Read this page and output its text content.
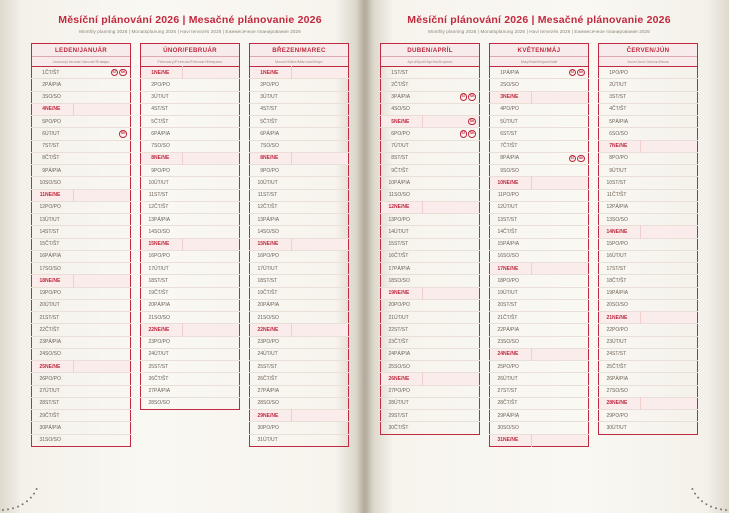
Měsíční plánování 2026 | Mesačné plánovanie 2026
Monthly planning 2026 | Monatsplanung 2026 | Havi tervezés 2026 | Ежемесячное планирование 2026
LEDEN/JANUÁR
January/Januar/Január/Январь
1	ČT/ŠT	ST SK

2	PÁ/PIA	
3	SO/SO	
4	NE/NE	
5	PO/PO	
6	ÚT/UT	SK

7	ST/ST	
8	ČT/ŠT	
9	PÁ/PIA	
10	SO/SO	
11	NE/NE	
12	PO/PO	
13	ÚT/UT	
14	ST/ST	
15	ČT/ŠT	
16	PÁ/PIA	
17	SO/SO	
18	NE/NE	
19	PO/PO	
20	ÚT/UT	
21	ST/ST	
22	ČT/ŠT	
23	PÁ/PIA	
24	SO/SO	
25	NE/NE	
26	PO/PO	
27	ÚT/UT	
28	ST/ST	
29	ČT/ŠT	
30	PÁ/PIA	
31	SO/SO	
ÚNOR/FEBRUÁR
February/Februar/Február/Февраль
1	NE/NE	
2	PO/PO	
3	ÚT/UT	
4	ST/ST	
5	ČT/ŠT	
6	PÁ/PIA	
7	SO/SO	
8	NE/NE	
9	PO/PO	
10	ÚT/UT	
11	ST/ST	
12	ČT/ŠT	
13	PÁ/PIA	
14	SO/SO	
15	NE/NE	
16	PO/PO	
17	ÚT/UT	
18	ST/ST	
19	ČT/ŠT	
20	PÁ/PIA	
21	SO/SO	
22	NE/NE	
23	PO/PO	
24	ÚT/UT	
25	ST/ST	
26	ČT/ŠT	
27	PÁ/PIA	
28	SO/SO	
BŘEZEN/MAREC
March/März/Március/Март
1	NE/NE	
2	PO/PO	
3	ÚT/UT	
4	ST/ST	
5	ČT/ŠT	
6	PÁ/PIA	
7	SO/SO	
8	NE/NE	
9	PO/PO	
10	ÚT/UT	
11	ST/ST	
12	ČT/ŠT	
13	PÁ/PIA	
14	SO/SO	
15	NE/NE	
16	PO/PO	
17	ÚT/UT	
18	ST/ST	
19	ČT/ŠT	
20	PÁ/PIA	
21	SO/SO	
22	NE/NE	
23	PO/PO	
24	ÚT/UT	
25	ST/ST	
26	ČT/ŠT	
27	PÁ/PIA	
28	SO/SO	
29	NE/NE	
30	PO/PO	
31	ÚT/UT	
Měsíční plánování 2026 | Mesačné plánovanie 2026
Monthly planning 2026 | Monatsplanung 2026 | Havi tervezés 2026 | Ежемесячное планирование 2026
DUBEN/APRÍL
April/April/Április/Апрель
1	ST/ST	
2	ČT/ŠT	
3	PÁ/PIA	ST SK

4	SO/SO	
5	NE/NE	SK

6	PO/PO	ST SK

7	ÚT/UT	
8	ST/ST	
9	ČT/ŠT	
10	PÁ/PIA	
11	SO/SO	
12	NE/NE	
13	PO/PO	
14	ÚT/UT	
15	ST/ST	
16	ČT/ŠT	
17	PÁ/PIA	
18	SO/SO	
19	NE/NE	
20	PO/PO	
21	ÚT/UT	
22	ST/ST	
23	ČT/ŠT	
24	PÁ/PIA	
25	SO/SO	
26	NE/NE	
27	PO/PO	
28	ÚT/UT	
29	ST/ST	
30	ČT/ŠT	
KVĚTEN/MÁJ
May/Mai/Május/Май
1	PÁ/PIA	ST SK

2	SO/SO	
3	NE/NE	
4	PO/PO	
5	ÚT/UT	
6	ST/ST	
7	ČT/ŠT	
8	PÁ/PIA	ST SK

9	SO/SO	
10	NE/NE	
11	PO/PO	
12	ÚT/UT	
13	ST/ST	
14	ČT/ŠT	
15	PÁ/PIA	
16	SO/SO	
17	NE/NE	
18	PO/PO	
19	ÚT/UT	
20	ST/ST	
21	ČT/ŠT	
22	PÁ/PIA	
23	SO/SO	
24	NE/NE	
25	PO/PO	
26	ÚT/UT	
27	ST/ST	
28	ČT/ŠT	
29	PÁ/PIA	
30	SO/SO	
31	NE/NE	
ČERVEN/JÚN
June/Juni/Június/Июнь
1	PO/PO	
2	ÚT/UT	
3	ST/ST	
4	ČT/ŠT	
5	PÁ/PIA	
6	SO/SO	
7	NE/NE	
8	PO/PO	
9	ÚT/UT	
10	ST/ST	
11	ČT/ŠT	
12	PÁ/PIA	
13	SO/SO	
14	NE/NE	
15	PO/PO	
16	ÚT/UT	
17	ST/ST	
18	ČT/ŠT	
19	PÁ/PIA	
20	SO/SO	
21	NE/NE	
22	PO/PO	
23	ÚT/UT	
24	ST/ST	
25	ČT/ŠT	
26	PÁ/PIA	
27	SO/SO	
28	NE/NE	
29	PO/PO	
30	ÚT/UT	
